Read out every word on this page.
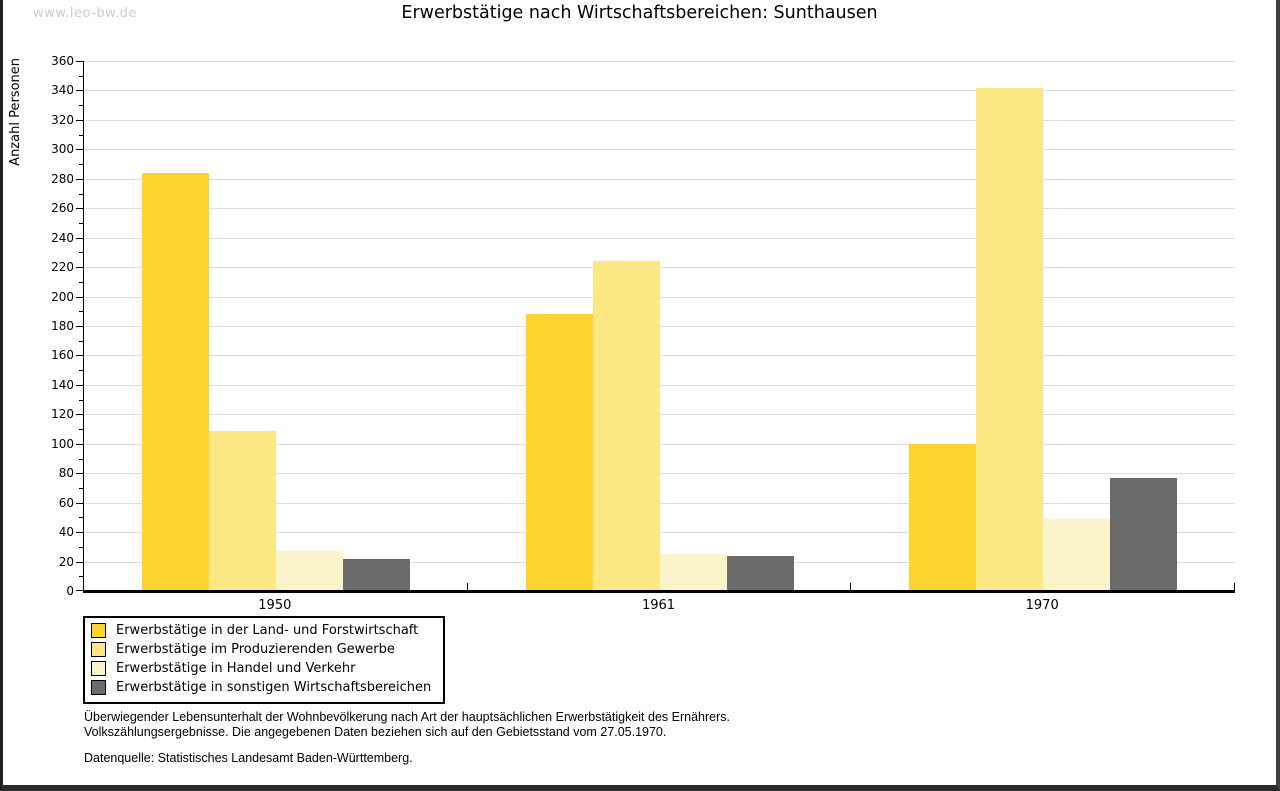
www.leo-bw.de	Erwerbstätige nach Wirtschaftsbereichen: Sunthausen
Anzahl Personen
0
20
40
60
80
100
120
140
160
180
200
220
240
260
280
300
320
340
360
1950	1961	1970
Erwerbstätige in der Land- und Forstwirtschaft
Erwerbstätige im Produzierenden Gewerbe
Erwerbstätige in Handel und Verkehr
Erwerbstätige in sonstigen Wirtschaftsbereichen

Überwiegender Lebensunterhalt der Wohnbevölkerung nach Art der hauptsächlichen Erwerbstätigkeit des Ernährers.

Volkszählungsergebnisse. Die angegebenen Daten beziehen sich auf den Gebietsstand vom 27.05.1970.

Datenquelle: Statistisches Landesamt Baden-Württemberg.
